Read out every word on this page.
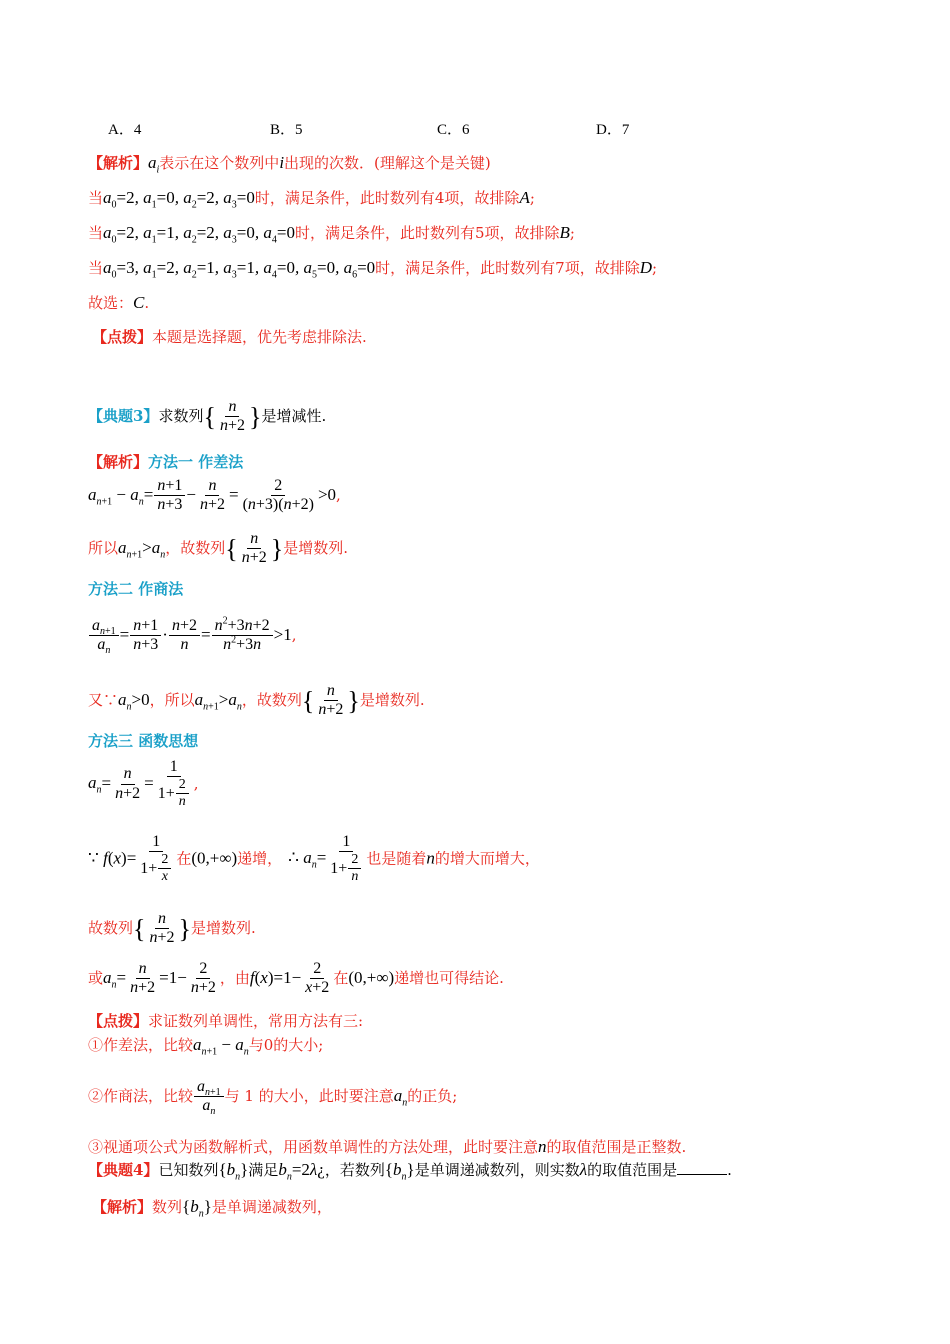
A．4	B．5	C．6	D．7
【解析】$a_i$表示在这个数列中i出现的次数．(理解这个是关键)
当$a_0=2$, $a_1=0$, $a_2=2$, $a_3=0$时，满足条件，此时数列有4项，故排除A;
当$a_0=2$, $a_1=1$, $a_2=2$, $a_3=0$, $a_4=0$时，满足条件，此时数列有5项，故排除B;
当$a_0=3$, $a_1=2$, $a_2=1$, $a_3=1$, $a_4=0$, $a_5=0$, $a_6=0$时，满足条件，此时数列有7项，故排除D;
故选：C.
【点拨】本题是选择题，优先考虑排除法.
【典题3】求数列{ $\frac{n}{n+2}$ }是增减性.
【解析】方法一 作差法
$a_{n+1} - a_n= \frac{n+1}{n+3} - \frac{n}{n+2} = \frac{2}{(n+3)(n+2)} >0$,
所以$a_{n+1}>a_n$，故数列{ $\frac{n}{n+2}$ }是增数列.
方法二 作商法
$\frac{a_{n+1}}{a_n} = \frac{n+1}{n+3} \cdot \frac{n+2}{n} = \frac{n^2+3n+2}{n^2+3n} >1$,
又$\because a_n>0$，所以$a_{n+1}>a_n$，故数列{ $\frac{n}{n+2}$ }是增数列.
方法三 函数思想
$a_n= \frac{n}{n+2} = 1$
1+ 2
n ,
∵ f(x)= 1
1+ 2
x 在(0,+∞)递增， ∴ $a_n= 1$
1+ 2
n 也是随着n的增大而增大，
故数列{ $\frac{n}{n+2}$ }是增数列.
或$a_n= \frac{n}{n+2} =1- \frac{2}{n+2}$ ，由$f(x)=1- \frac{2}{x+2}$ 在(0,+∞)递增也可得结论.
【点拨】求证数列单调性，常用方法有三:
①作差法，比较$a_{n+1} - a_n$与0的大小;
②作商法，比较 $\frac{a_{n+1}}{a_n}$ 与 1 的大小，此时要注意$a_n$的正负;
③视通项公式为函数解析式，用函数单调性的方法处理，此时要注意n的取值范围是正整数.
【典题4】已知数列$\{b_n\}$满足$b_n=2\lambda¿$，若数列$\{b_n\}$是单调递减数列，则实数λ的取值范围是	.
【解析】数列$\{b_n\}$是单调递减数列，
